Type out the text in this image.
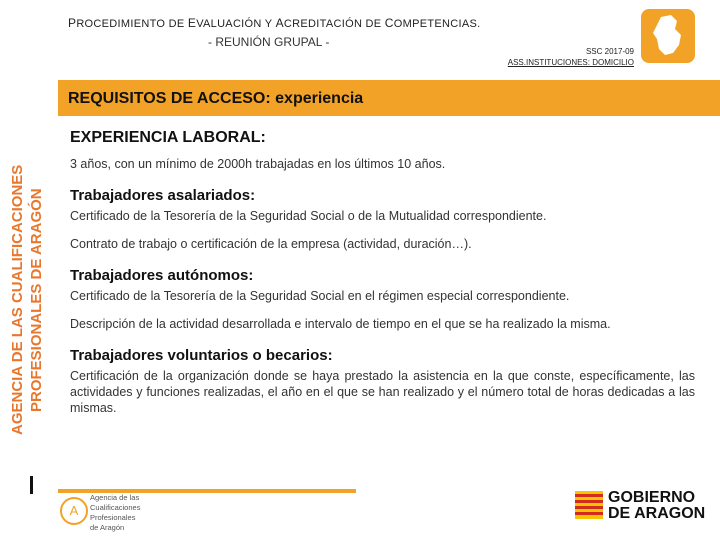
PROCEDIMIENTO DE EVALUACIÓN Y ACREDITACIÓN DE COMPETENCIAS.
- REUNIÓN GRUPAL -
SSC 2017-09
ASS.INSTITUCIONES: DOMICILIO
REQUISITOS DE ACCESO: experiencia
AGENCIA DE LAS CUALIFICACIONES PROFESIONALES DE ARAGÓN
EXPERIENCIA LABORAL:

3 años, con un mínimo de 2000h trabajadas en los últimos 10 años.

Trabajadores asalariados:

Certificado de la Tesorería de la Seguridad Social o de la Mutualidad correspondiente.

Contrato de trabajo o certificación de la empresa (actividad, duración…).

Trabajadores autónomos:

Certificado de la Tesorería de la Seguridad Social en el régimen especial correspondiente.

Descripción de la actividad desarrollada e intervalo de tiempo en el que se ha realizado la misma.

Trabajadores voluntarios o becarios:

Certificación de la organización donde se haya prestado la asistencia en la que conste, específicamente, las actividades y funciones realizadas, el año en el que se han realizado y el número total de horas dedicadas a las mismas.

A
Agencia de las
Cualificaciones
Profesionales
de Aragón
GOBIERNO
DE ARAGON
